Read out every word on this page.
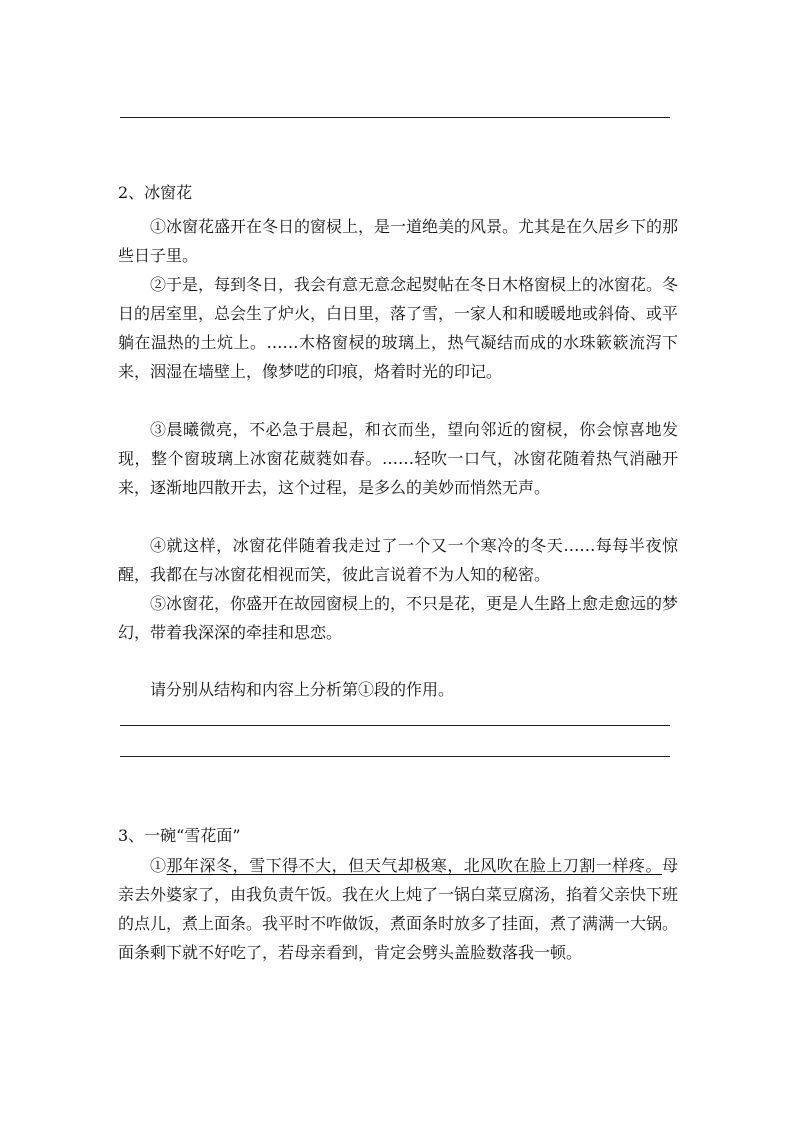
2、冰窗花

①冰窗花盛开在冬日的窗棂上，是一道绝美的风景。尤其是在久居乡下的那些日子里。

②于是，每到冬日，我会有意无意念起熨帖在冬日木格窗棂上的冰窗花。冬日的居室里，总会生了炉火，白日里，落了雪，一家人和和暖暖地或斜倚、或平躺在温热的土炕上。……木格窗棂的玻璃上，热气凝结而成的水珠簌簌流泻下来，洇湿在墙壁上，像梦呓的印痕，烙着时光的印记。

③晨曦微亮，不必急于晨起，和衣而坐，望向邻近的窗棂，你会惊喜地发现，整个窗玻璃上冰窗花葳蕤如春。……轻吹一口气，冰窗花随着热气消融开来，逐渐地四散开去，这个过程，是多么的美妙而悄然无声。

④就这样，冰窗花伴随着我走过了一个又一个寒冷的冬天……每每半夜惊醒，我都在与冰窗花相视而笑，彼此言说着不为人知的秘密。

⑤冰窗花，你盛开在故园窗棂上的，不只是花，更是人生路上愈走愈远的梦幻，带着我深深的牵挂和思恋。

请分别从结构和内容上分析第①段的作用。
3、一碗“雪花面”

①那年深冬，雪下得不大，但天气却极寒，北风吹在脸上刀割一样疼。母亲去外婆家了，由我负责午饭。我在火上炖了一锅白菜豆腐汤，掐着父亲快下班的点儿，煮上面条。我平时不咋做饭，煮面条时放多了挂面，煮了满满一大锅。面条剩下就不好吃了，若母亲看到，肯定会劈头盖脸数落我一顿。
